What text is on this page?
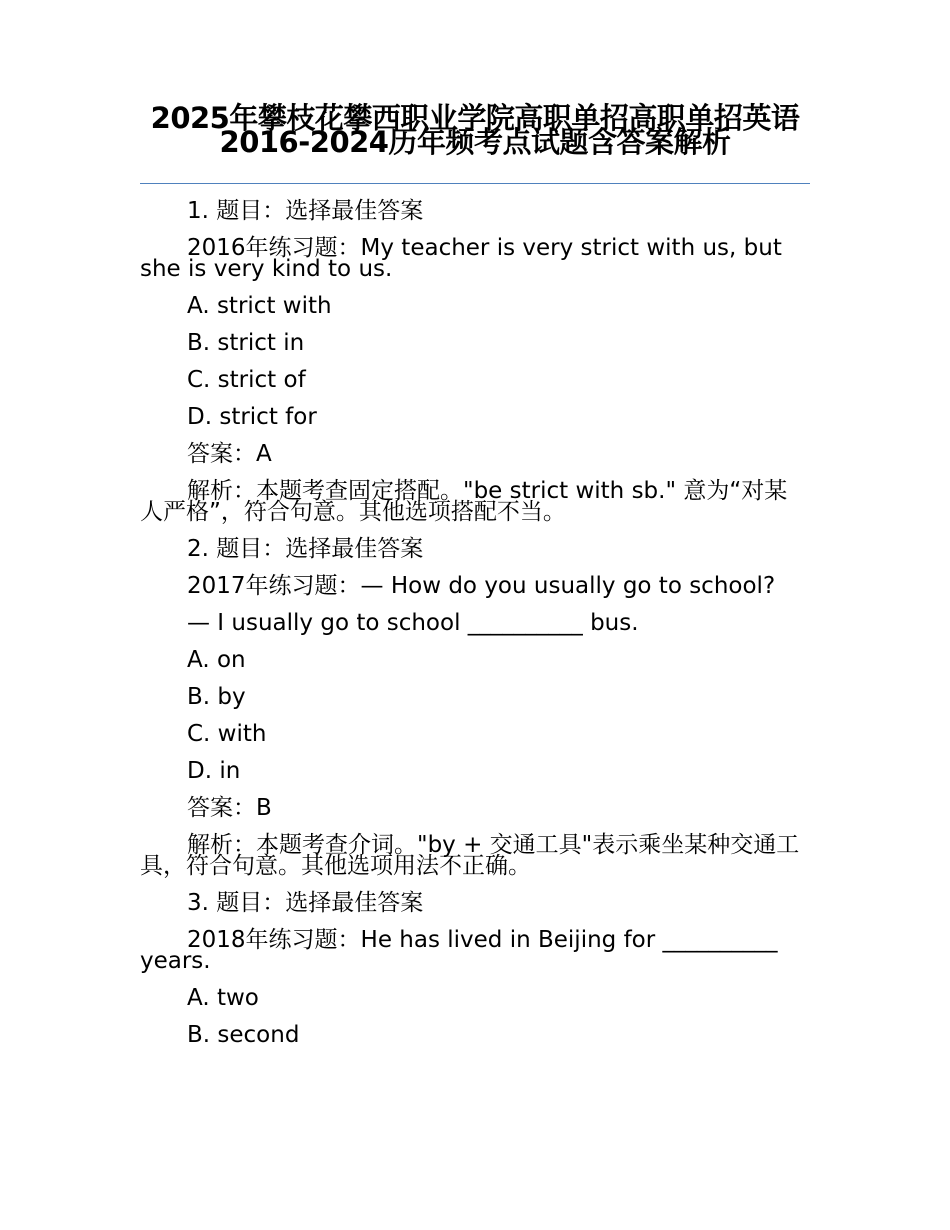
2025年攀枝花攀西职业学院高职单招高职单招英语2016-2024历年频考点试题含答案解析

1. 题目：选择最佳答案

2016年练习题：My teacher is very strict with us, but she is very kind to us.

A. strict with

B. strict in

C. strict of

D. strict for

答案：A

解析：本题考查固定搭配。"be strict with sb." 意为“对某人严格”，符合句意。其他选项搭配不当。

2. 题目：选择最佳答案

2017年练习题：— How do you usually go to school?

— I usually go to school __________ bus.

A. on

B. by

C. with

D. in

答案：B

解析：本题考查介词。"by + 交通工具"表示乘坐某种交通工具，符合句意。其他选项用法不正确。

3. 题目：选择最佳答案

2018年练习题：He has lived in Beijing for __________ years.

A. two

B. second
